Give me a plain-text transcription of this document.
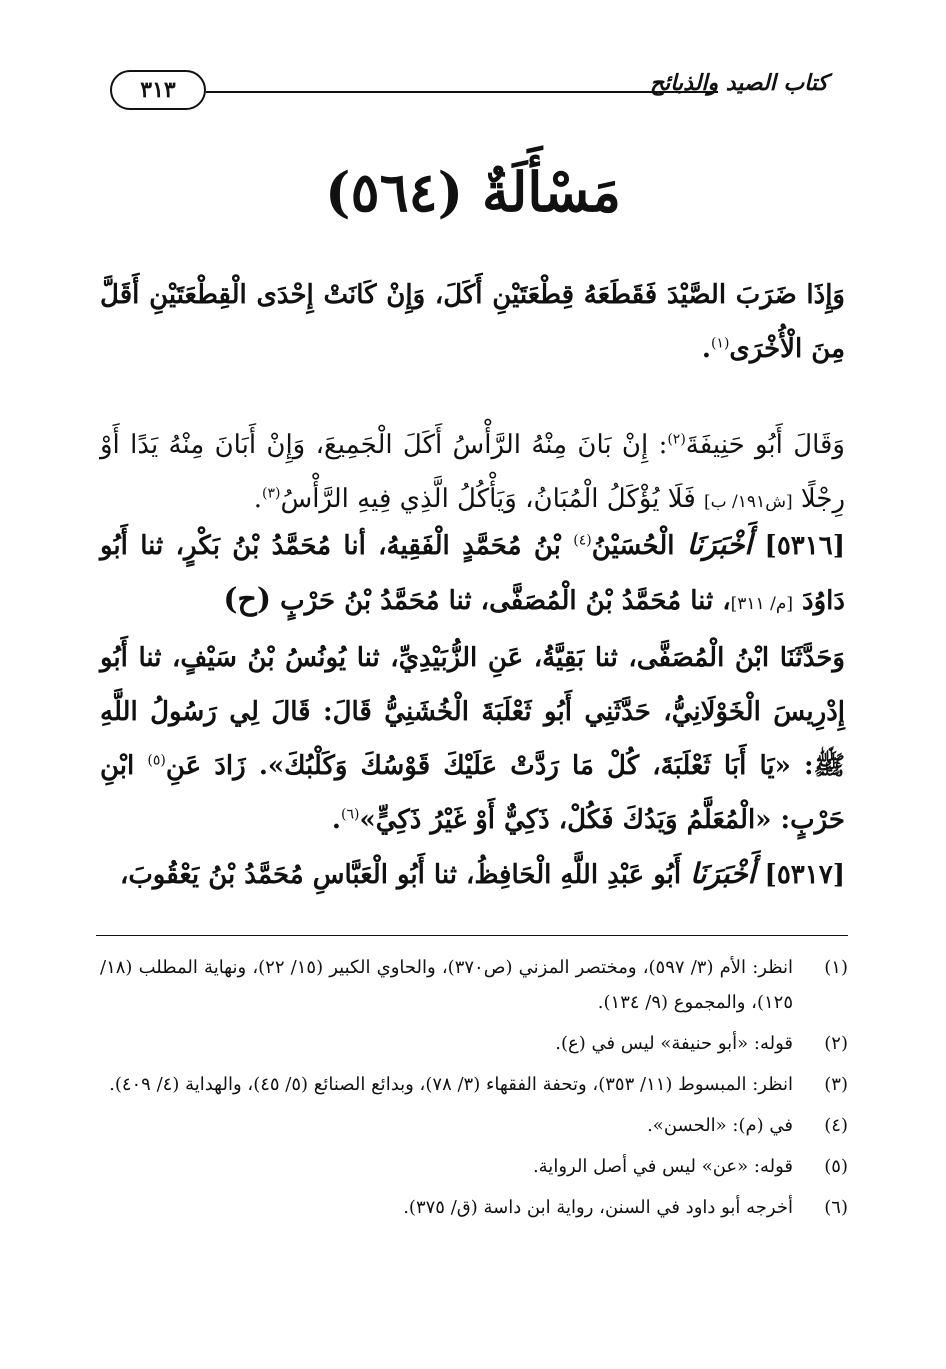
٣١٣	كتاب الصيد والذبائح
مَسْأَلَةٌ (٥٦٤)
وَإِذَا ضَرَبَ الصَّيْدَ فَقَطَعَهُ قِطْعَتَيْنِ أَكَلَ، وَإِنْ كَانَتْ إِحْدَى الْقِطْعَتَيْنِ أَقَلَّ مِنَ الْأُخْرَى$^{(١)}$.
وَقَالَ أَبُو حَنِيفَةَ$^{(٢)}$: إِنْ بَانَ مِنْهُ الرَّأْسُ أَكَلَ الْجَمِيعَ، وَإِنْ أَبَانَ مِنْهُ يَدًا أَوْ رِجْلًا [ش١٩١/ ب] فَلَا يُؤْكَلُ الْمُبَانُ، وَيَأْكُلُ الَّذِي فِيهِ الرَّأْسُ$^{(٣)}$.
[٥٣١٦] أَخْبَرَنَا الْحُسَيْنُ$^{(٤)}$ بْنُ مُحَمَّدٍ الْفَقِيهُ، أنا مُحَمَّدُ بْنُ بَكْرٍ، ثنا أَبُو دَاوُدَ [م/ ٣١١]، ثنا مُحَمَّدُ بْنُ الْمُصَفَّى، ثنا مُحَمَّدُ بْنُ حَرْبٍ (ح)
وَحَدَّثَنَا ابْنُ الْمُصَفَّى، ثنا بَقِيَّةُ، عَنِ الزُّبَيْدِيِّ، ثنا يُونُسُ بْنُ سَيْفٍ، ثنا أَبُو إِدْرِيسَ الْخَوْلَانِيُّ، حَدَّثَنِي أَبُو ثَعْلَبَةَ الْخُشَنِيُّ قَالَ: قَالَ لِي رَسُولُ اللَّهِ ﷺ: «يَا أَبَا ثَعْلَبَةَ، كُلْ مَا رَدَّتْ عَلَيْكَ قَوْسُكَ وَكَلْبُكَ». زَادَ عَنِ$^{(٥)}$ ابْنِ حَرْبٍ: «الْمُعَلَّمُ وَيَدُكَ فَكُلْ، ذَكِيٌّ أَوْ غَيْرُ ذَكِيٍّ»$^{(٦)}$.
[٥٣١٧] أَخْبَرَنَا أَبُو عَبْدِ اللَّهِ الْحَافِظُ، ثنا أَبُو الْعَبَّاسِ مُحَمَّدُ بْنُ يَعْقُوبَ،
(١)
انظر: الأم (٣/ ٥٩٧)، ومختصر المزني (ص٣٧٠)، والحاوي الكبير (١٥/ ٢٢)، ونهاية المطلب (١٨/ ١٢٥)، والمجموع (٩/ ١٣٤).
(٢)
قوله: «أبو حنيفة» ليس في (ع).
(٣)
انظر: المبسوط (١١/ ٣٥٣)، وتحفة الفقهاء (٣/ ٧٨)، وبدائع الصنائع (٥/ ٤٥)، والهداية (٤/ ٤٠٩).
(٤)
في (م): «الحسن».
(٥)
قوله: «عن» ليس في أصل الرواية.
(٦)
أخرجه أبو داود في السنن، رواية ابن داسة (ق/ ٣٧٥).
